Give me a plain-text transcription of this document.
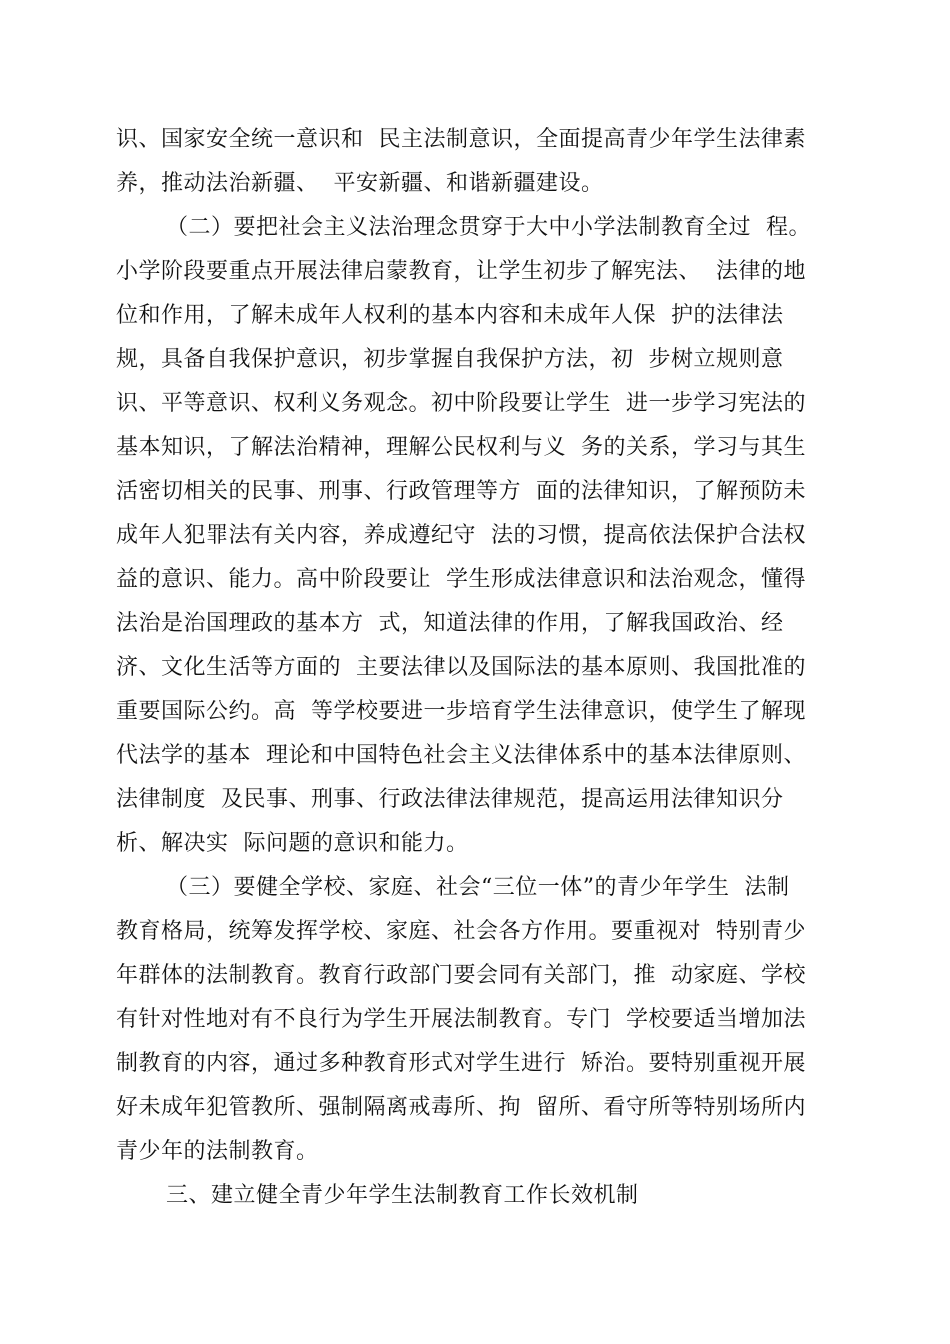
识、国家安全统一意识和  民主法制意识，全面提高青少年学生法律素
养，推动法治新疆、  平安新疆、和谐新疆建设。
（二）要把社会主义法治理念贯穿于大中小学法制教育全过  程。
小学阶段要重点开展法律启蒙教育，让学生初步了解宪法、  法律的地
位和作用，了解未成年人权利的基本内容和未成年人保  护的法律法
规，具备自我保护意识，初步掌握自我保护方法，初  步树立规则意
识、平等意识、权利义务观念。初中阶段要让学生  进一步学习宪法的
基本知识，了解法治精神，理解公民权利与义  务的关系，学习与其生
活密切相关的民事、刑事、行政管理等方  面的法律知识，了解预防未
成年人犯罪法有关内容，养成遵纪守  法的习惯，提高依法保护合法权
益的意识、能力。高中阶段要让  学生形成法律意识和法治观念，懂得
法治是治国理政的基本方  式，知道法律的作用，了解我国政治、经
济、文化生活等方面的  主要法律以及国际法的基本原则、我国批准的
重要国际公约。高  等学校要进一步培育学生法律意识，使学生了解现
代法学的基本  理论和中国特色社会主义法律体系中的基本法律原则、
法律制度  及民事、刑事、行政法律法律规范，提高运用法律知识分
析、解决实  际问题的意识和能力。
（三）要健全学校、家庭、社会“三位一体”的青少年学生  法制
教育格局，统筹发挥学校、家庭、社会各方作用。要重视对  特别青少
年群体的法制教育。教育行政部门要会同有关部门，推  动家庭、学校
有针对性地对有不良行为学生开展法制教育。专门  学校要适当增加法
制教育的内容，通过多种教育形式对学生进行  矫治。要特别重视开展
好未成年犯管教所、强制隔离戒毒所、拘  留所、看守所等特别场所内
青少年的法制教育。
三、建立健全青少年学生法制教育工作长效机制
